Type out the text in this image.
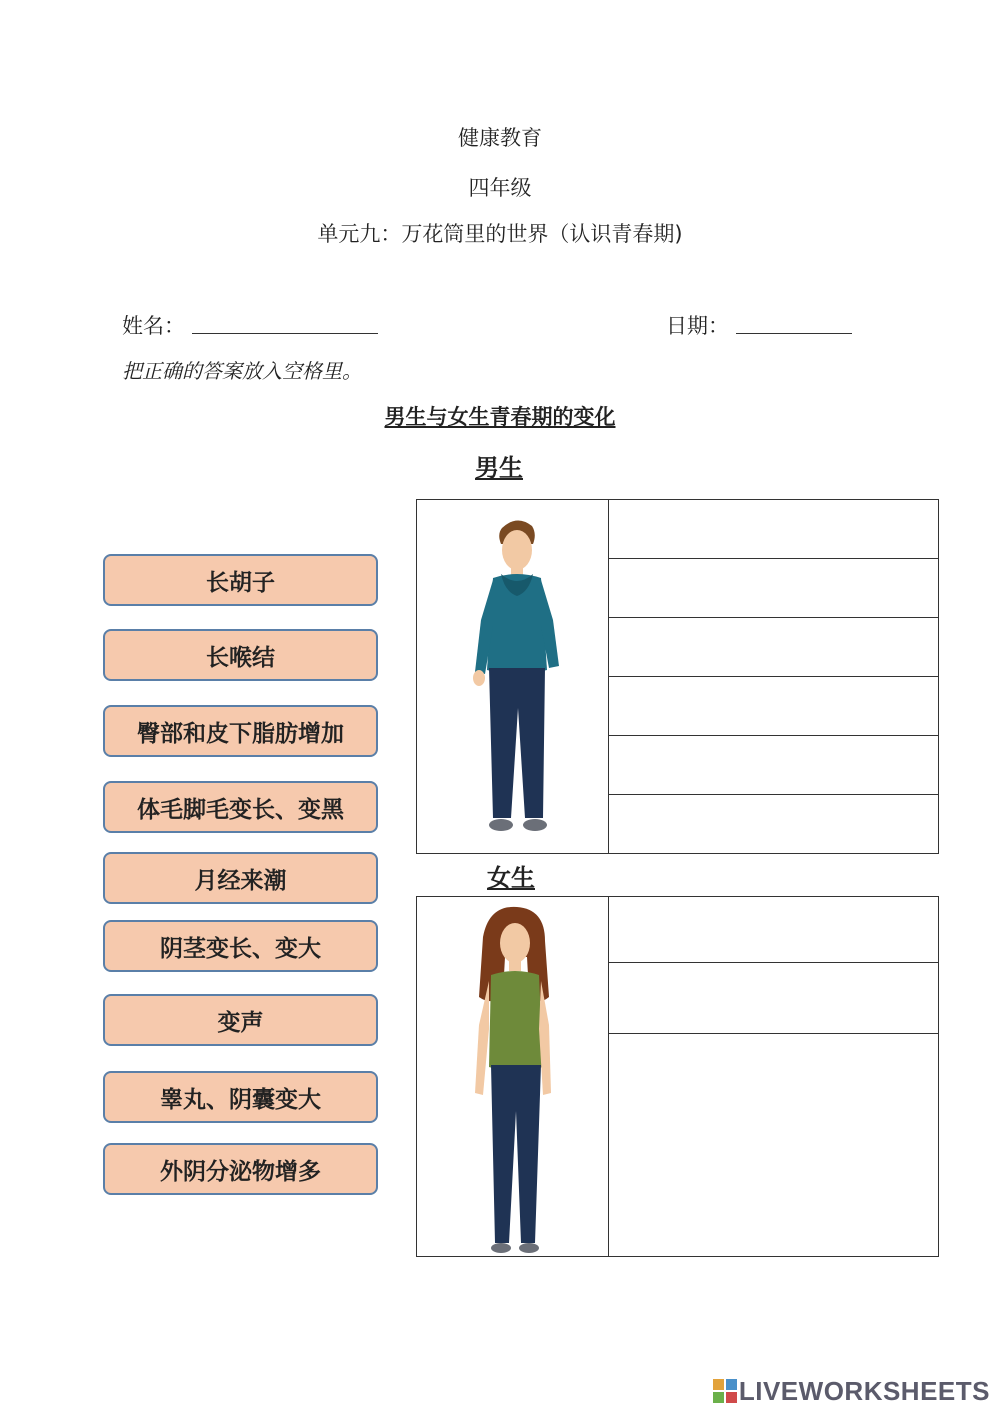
健康教育
四年级
单元九：万花筒里的世界（认识青春期)
姓名：	日期：
把正确的答案放入空格里。
男生与女生青春期的变化
男生
长胡子
长喉结
臀部和皮下脂肪增加
体毛脚毛变长、变黑
月经来潮
阴茎变长、变大
变声
睾丸、阴囊变大
外阴分泌物增多
女生
LIVEWORKSHEETS
